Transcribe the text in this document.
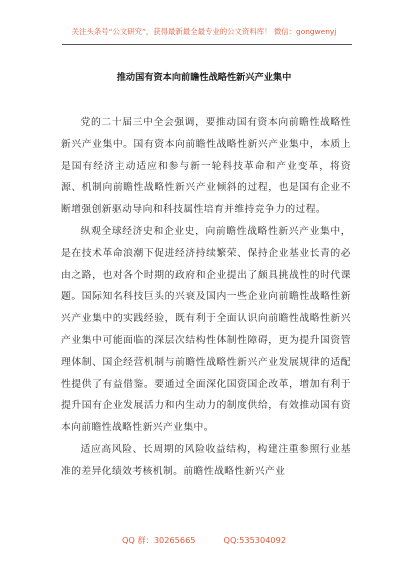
关注头条号“公文研究”，获得最新最全最专业的公文资料库！ 微信：gongwenyj
推动国有资本向前瞻性战略性新兴产业集中

党的二十届三中全会强调，要推动国有资本向前瞻性战略性新兴产业集中。国有资本向前瞻性战略性新兴产业集中，本质上是国有经济主动适应和参与新一轮科技革命和产业变革，将资源、机制向前瞻性战略性新兴产业倾斜的过程，也是国有企业不断增强创新驱动导向和科技属性培育并维持竞争力的过程。

纵观全球经济史和企业史，向前瞻性战略性新兴产业集中，是在技术革命浪潮下促进经济持续繁荣、保持企业基业长青的必由之路，也对各个时期的政府和企业提出了颇具挑战性的时代课题。国际知名科技巨头的兴衰及国内一些企业向前瞻性战略性新兴产业集中的实践经验，既有利于全面认识向前瞻性战略性新兴产业集中可能面临的深层次结构性体制性障碍，更为提升国资管理体制、国企经营机制与前瞻性战略性新兴产业发展规律的适配性提供了有益借鉴。要通过全面深化国资国企改革，增加有利于提升国有企业发展活力和内生动力的制度供给，有效推动国有资本向前瞻性战略性新兴产业集中。

适应高风险、长周期的风险收益结构，构建注重参照行业基准的差异化绩效考核机制。前瞻性战略性新兴产业

QQ 群：30265665	QQ:535304092
